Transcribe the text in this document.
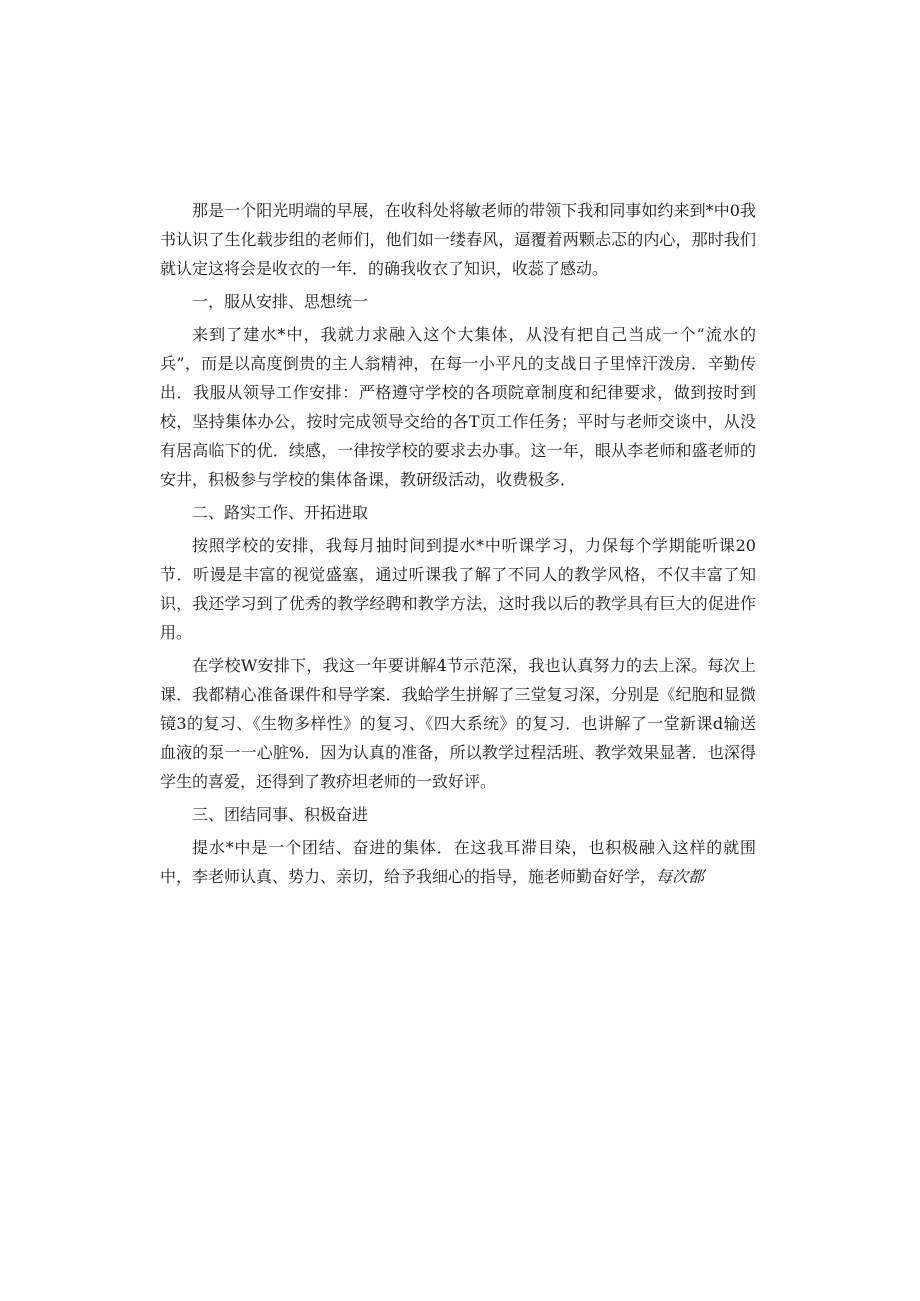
那是一个阳光明端的早展，在收科处将敏老师的带领下我和同事如约来到*中0我书认识了生化载步组的老师们，他们如一缕春风，逼覆着两颗忐忑的内心，那时我们就认定这将会是收衣的一年．的确我收衣了知识，收蕊了感动。

一，服从安排、思想统一

来到了建水*中，我就力求融入这个大集体，从没有把自己当成一个“流水的兵”，而是以高度倒贵的主人翁精神，在每一小平凡的支战日子里悻汗泼房．辛勤传出．我服从领导工作安排：严格遵守学校的各项院章制度和纪律要求，做到按时到校，坚持集体办公，按时完成领导交给的各T页工作任务；平时与老师交谈中，从没有居高临下的优．续感，一律按学校的要求去办事。这一年，眼从李老师和盛老师的安井，积极参与学校的集体备课，教研级活动，收费极多．

二、路实工作、开拓进取

按照学校的安排，我每月抽时间到提水*中听课学习，力保每个学期能听课20节．听谩是丰富的视觉盛塞，通过听课我了解了不同人的教学风格，不仅丰富了知识，我还学习到了优秀的教学经聘和教学方法，这时我以后的教学具有巨大的促进作用。

在学校W安排下，我这一年要讲解4节示范深，我也认真努力的去上深。每次上课．我都精心准备课件和导学案．我蛤学生拼解了三堂复习深，分别是《纪胞和显微镜3的复习、《生物多样性》的复习、《四大系统》的复习．也讲解了一堂新课d输送血液的泵一一心脏%．因为认真的准备，所以教学过程活班、教学效果显著．也深得学生的喜爱，还得到了教疥坦老师的一致好评。

三、团结同事、积极奋进

提水*中是一个团结、奋进的集体．在这我耳滞目染，也积极融入这样的就围中，李老师认真、势力、亲切，给予我细心的指导，施老师勤奋好学，每次都
